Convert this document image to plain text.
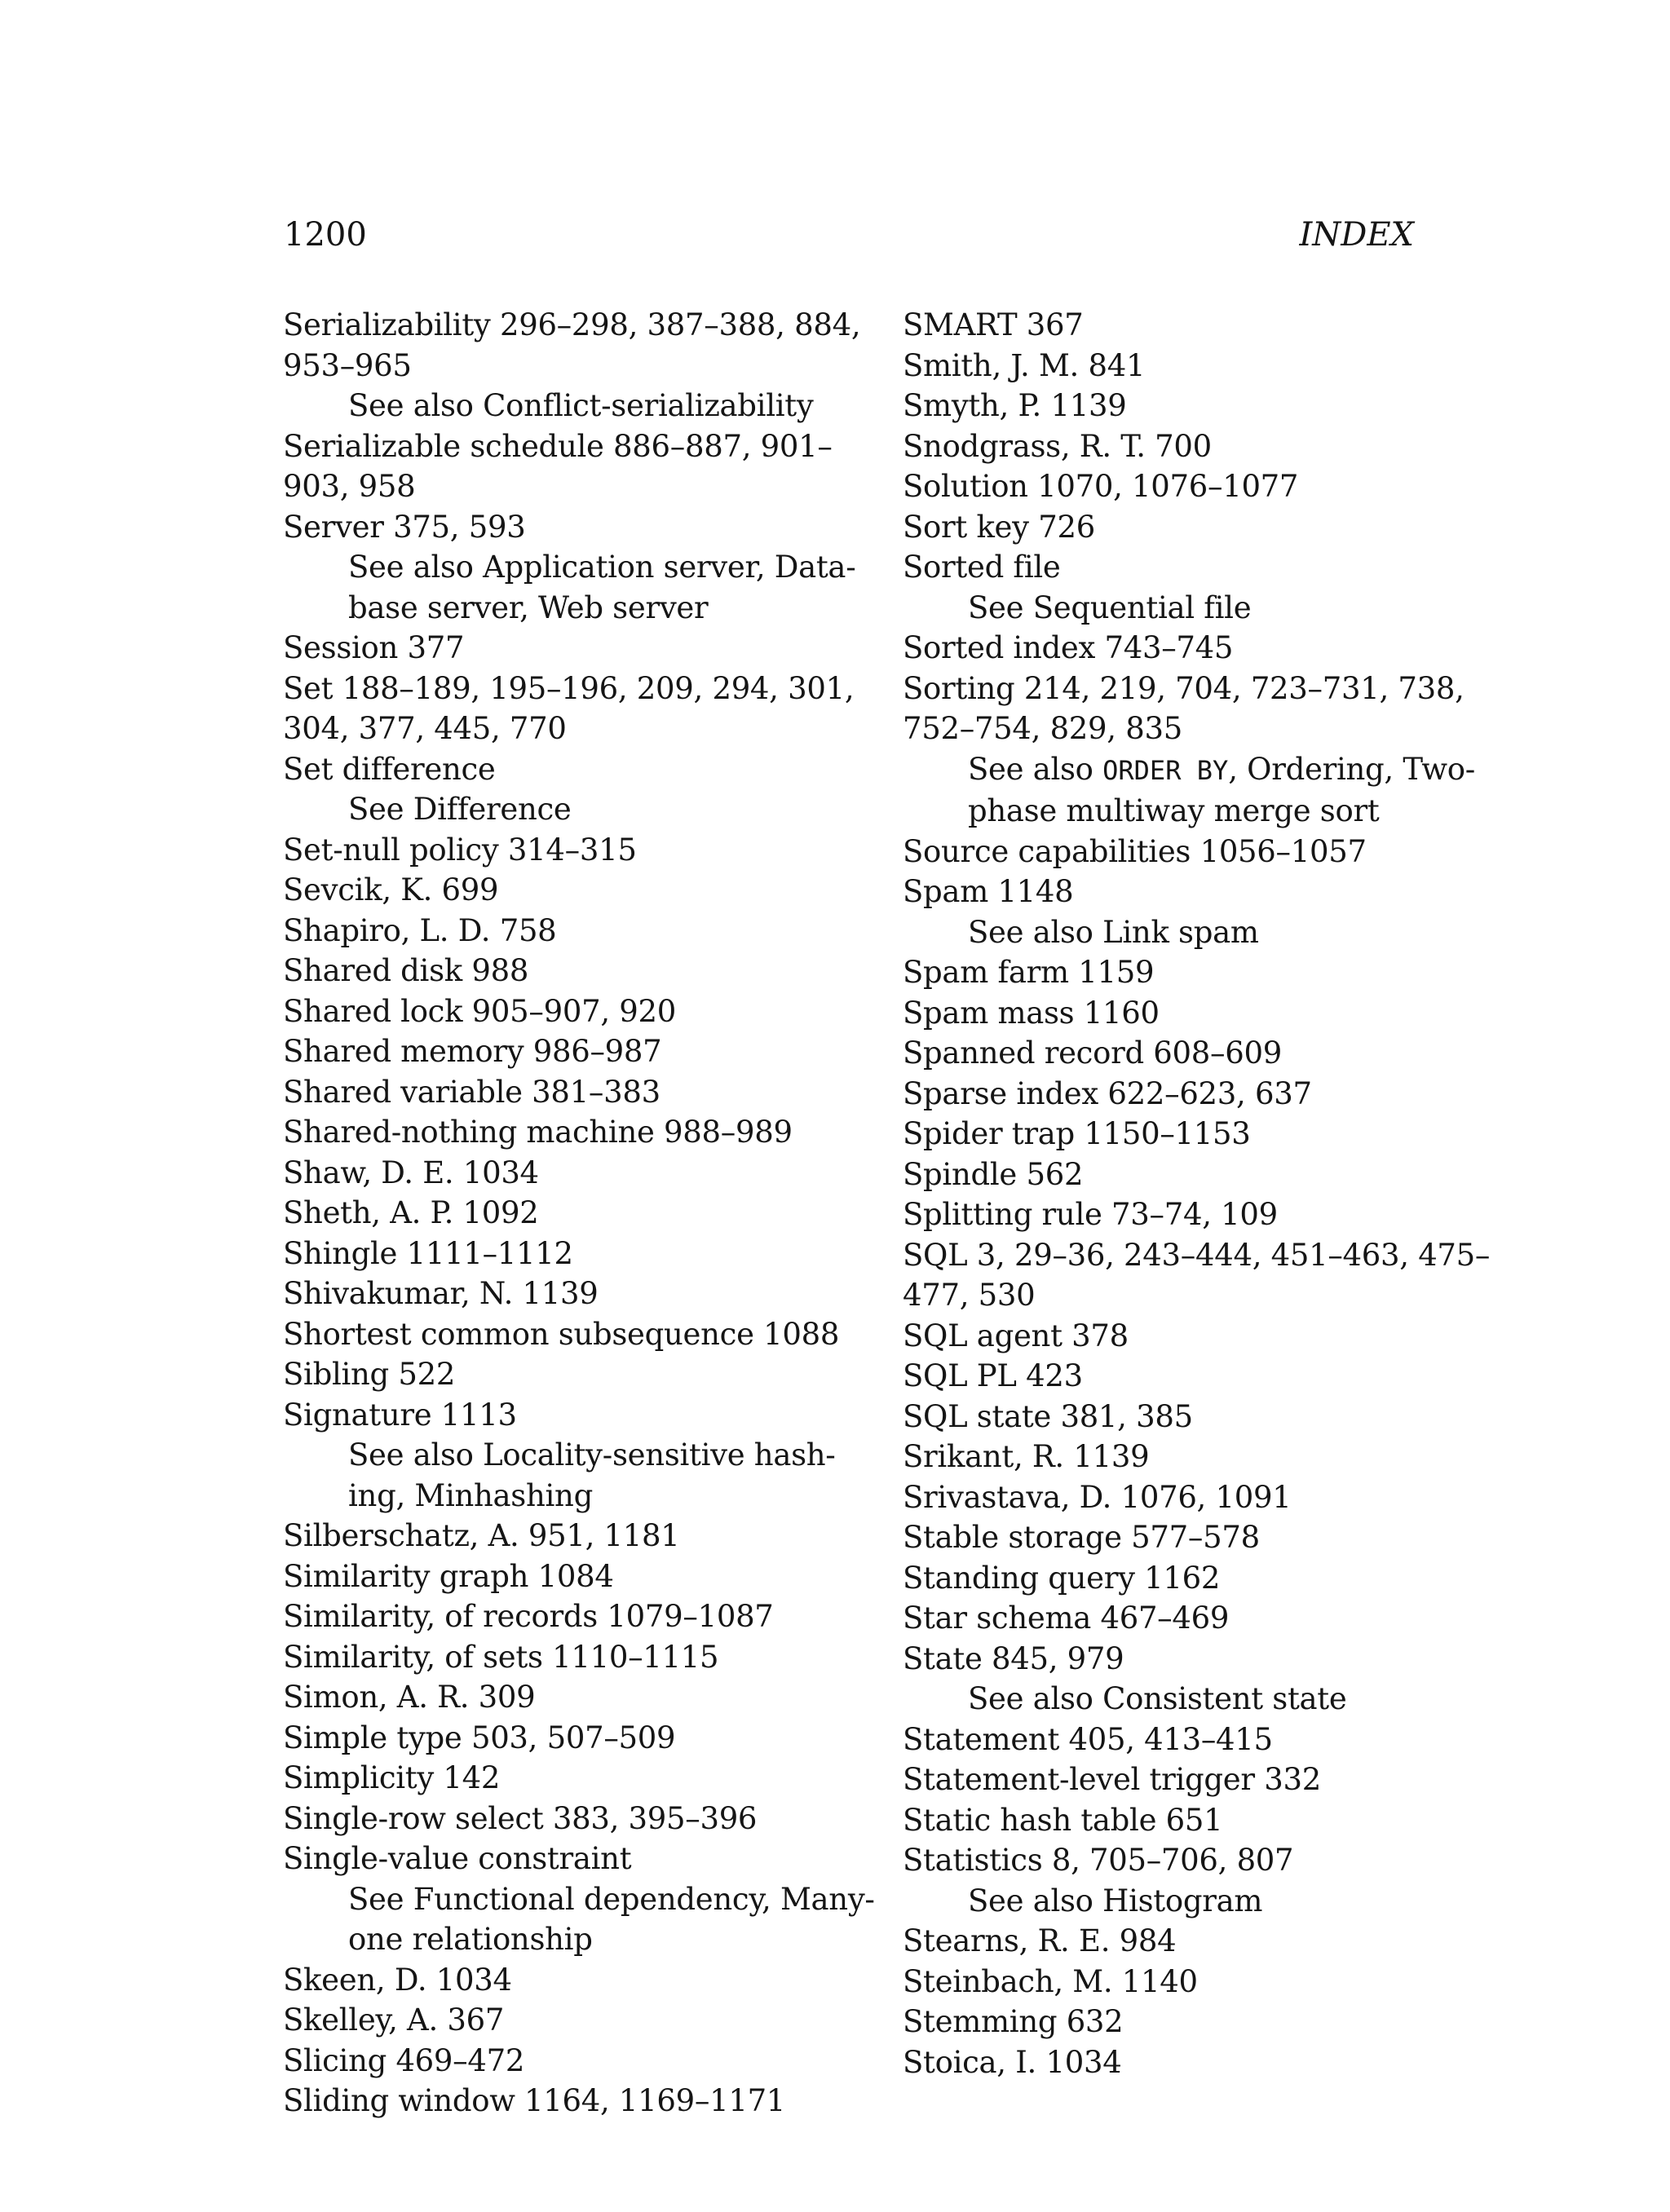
1200	INDEX
Serializability 296–298, 387–388, 884,
953–965
See also Conflict-serializability
Serializable schedule 886–887, 901–
903, 958
Server 375, 593
See also Application server, Data-
base server, Web server
Session 377
Set 188–189, 195–196, 209, 294, 301,
304, 377, 445, 770
Set difference
See Difference
Set-null policy 314–315
Sevcik, K. 699
Shapiro, L. D. 758
Shared disk 988
Shared lock 905–907, 920
Shared memory 986–987
Shared variable 381–383
Shared-nothing machine 988–989
Shaw, D. E. 1034
Sheth, A. P. 1092
Shingle 1111–1112
Shivakumar, N. 1139
Shortest common subsequence 1088
Sibling 522
Signature 1113
See also Locality-sensitive hash-
ing, Minhashing
Silberschatz, A. 951, 1181
Similarity graph 1084
Similarity, of records 1079–1087
Similarity, of sets 1110–1115
Simon, A. R. 309
Simple type 503, 507–509
Simplicity 142
Single-row select 383, 395–396
Single-value constraint
See Functional dependency, Many-
one relationship
Skeen, D. 1034
Skelley, A. 367
Slicing 469–472
Sliding window 1164, 1169–1171
SMART 367
Smith, J. M. 841
Smyth, P. 1139
Snodgrass, R. T. 700
Solution 1070, 1076–1077
Sort key 726
Sorted file
See Sequential file
Sorted index 743–745
Sorting 214, 219, 704, 723–731, 738,
752–754, 829, 835
See also ORDER BY, Ordering, Two-
phase multiway merge sort
Source capabilities 1056–1057
Spam 1148
See also Link spam
Spam farm 1159
Spam mass 1160
Spanned record 608–609
Sparse index 622–623, 637
Spider trap 1150–1153
Spindle 562
Splitting rule 73–74, 109
SQL 3, 29–36, 243–444, 451–463, 475–
477, 530
SQL agent 378
SQL PL 423
SQL state 381, 385
Srikant, R. 1139
Srivastava, D. 1076, 1091
Stable storage 577–578
Standing query 1162
Star schema 467–469
State 845, 979
See also Consistent state
Statement 405, 413–415
Statement-level trigger 332
Static hash table 651
Statistics 8, 705–706, 807
See also Histogram
Stearns, R. E. 984
Steinbach, M. 1140
Stemming 632
Stoica, I. 1034
